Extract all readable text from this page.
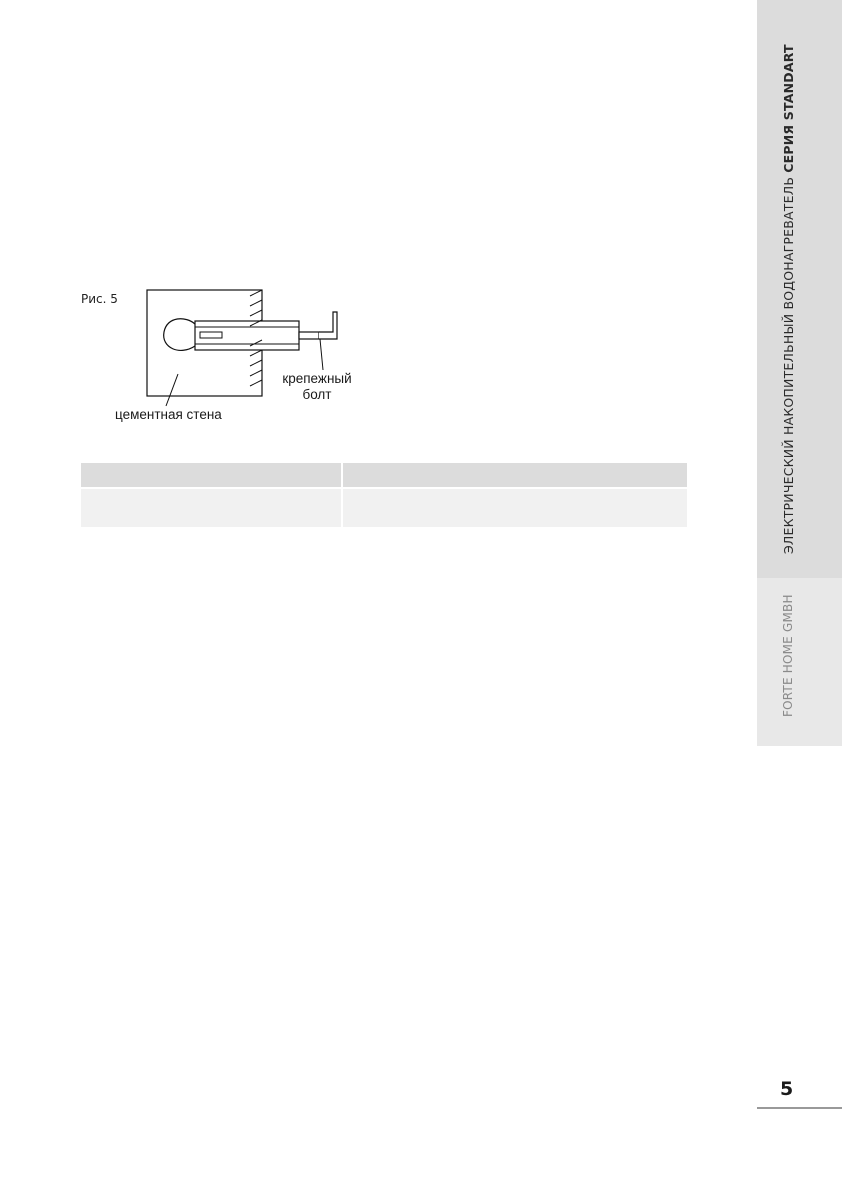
ЭЛЕКТРИЧЕСКИЙ НАКОПИТЕЛЬНЫЙ ВОДОНАГРЕВАТЕЛЬ СЕРИЯ STANDART
FORTE HOME GMBH
Рис. 5
цементная стена
крепежный
болт

5
